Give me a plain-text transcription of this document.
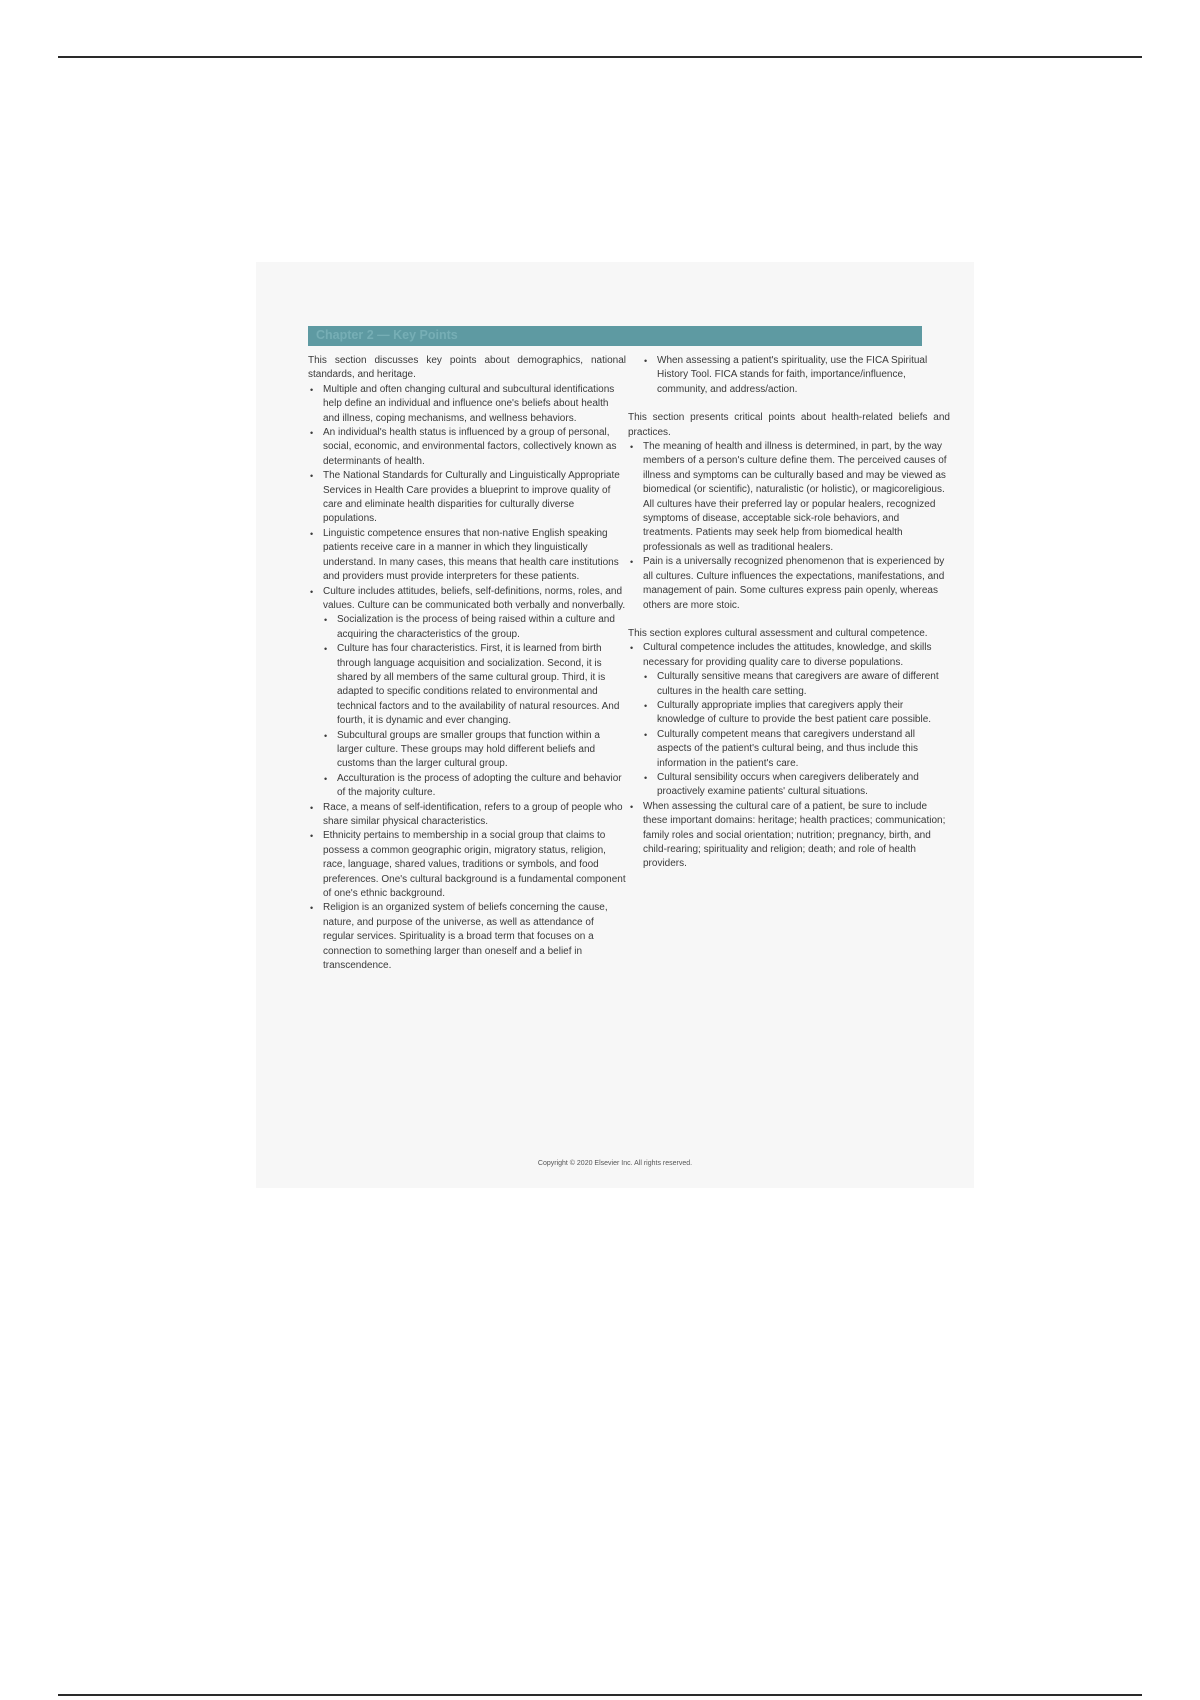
Chapter 2 — Key Points

This section discusses key points about demographics, national standards, and heritage.

• Multiple and often changing cultural and subcultural identifications help define an individual and influence one's beliefs about health and illness, coping mechanisms, and wellness behaviors.
• An individual's health status is influenced by a group of personal, social, economic, and environmental factors, collectively known as determinants of health.
• The National Standards for Culturally and Linguistically Appropriate Services in Health Care provides a blueprint to improve quality of care and eliminate health disparities for culturally diverse populations.
• Linguistic competence ensures that non-native English speaking patients receive care in a manner in which they linguistically understand. In many cases, this means that health care institutions and providers must provide interpreters for these patients.
• Culture includes attitudes, beliefs, self-definitions, norms, roles, and values. Culture can be communicated both verbally and nonverbally.
• Socialization is the process of being raised within a culture and acquiring the characteristics of the group.
• Culture has four characteristics. First, it is learned from birth through language acquisition and socialization. Second, it is shared by all members of the same cultural group. Third, it is adapted to specific conditions related to environmental and technical factors and to the availability of natural resources. And fourth, it is dynamic and ever changing.
• Subcultural groups are smaller groups that function within a larger culture. These groups may hold different beliefs and customs than the larger cultural group.
• Acculturation is the process of adopting the culture and behavior of the majority culture.
• Race, a means of self-identification, refers to a group of people who share similar physical characteristics.
• Ethnicity pertains to membership in a social group that claims to possess a common geographic origin, migratory status, religion, race, language, shared values, traditions or symbols, and food preferences. One's cultural background is a fundamental component of one's ethnic background.
• Religion is an organized system of beliefs concerning the cause, nature, and purpose of the universe, as well as attendance of regular services. Spirituality is a broad term that focuses on a connection to something larger than oneself and a belief in transcendence.
• When assessing a patient's spirituality, use the FICA Spiritual History Tool. FICA stands for faith, importance/influence, community, and address/action.

This section presents critical points about health-related beliefs and practices.

• The meaning of health and illness is determined, in part, by the way members of a person's culture define them. The perceived causes of illness and symptoms can be culturally based and may be viewed as biomedical (or scientific), naturalistic (or holistic), or magicoreligious. All cultures have their preferred lay or popular healers, recognized symptoms of disease, acceptable sick-role behaviors, and treatments. Patients may seek help from biomedical health professionals as well as traditional healers.
• Pain is a universally recognized phenomenon that is experienced by all cultures. Culture influences the expectations, manifestations, and management of pain. Some cultures express pain openly, whereas others are more stoic.

This section explores cultural assessment and cultural competence.

• Cultural competence includes the attitudes, knowledge, and skills necessary for providing quality care to diverse populations.
• Culturally sensitive means that caregivers are aware of different cultures in the health care setting.
• Culturally appropriate implies that caregivers apply their knowledge of culture to provide the best patient care possible.
• Culturally competent means that caregivers understand all aspects of the patient's cultural being, and thus include this information in the patient's care.
• Cultural sensibility occurs when caregivers deliberately and proactively examine patients' cultural situations.
• When assessing the cultural care of a patient, be sure to include these important domains: heritage; health practices; communication; family roles and social orientation; nutrition; pregnancy, birth, and child-rearing; spirituality and religion; death; and role of health providers.
Copyright © 2020 Elsevier Inc. All rights reserved.
